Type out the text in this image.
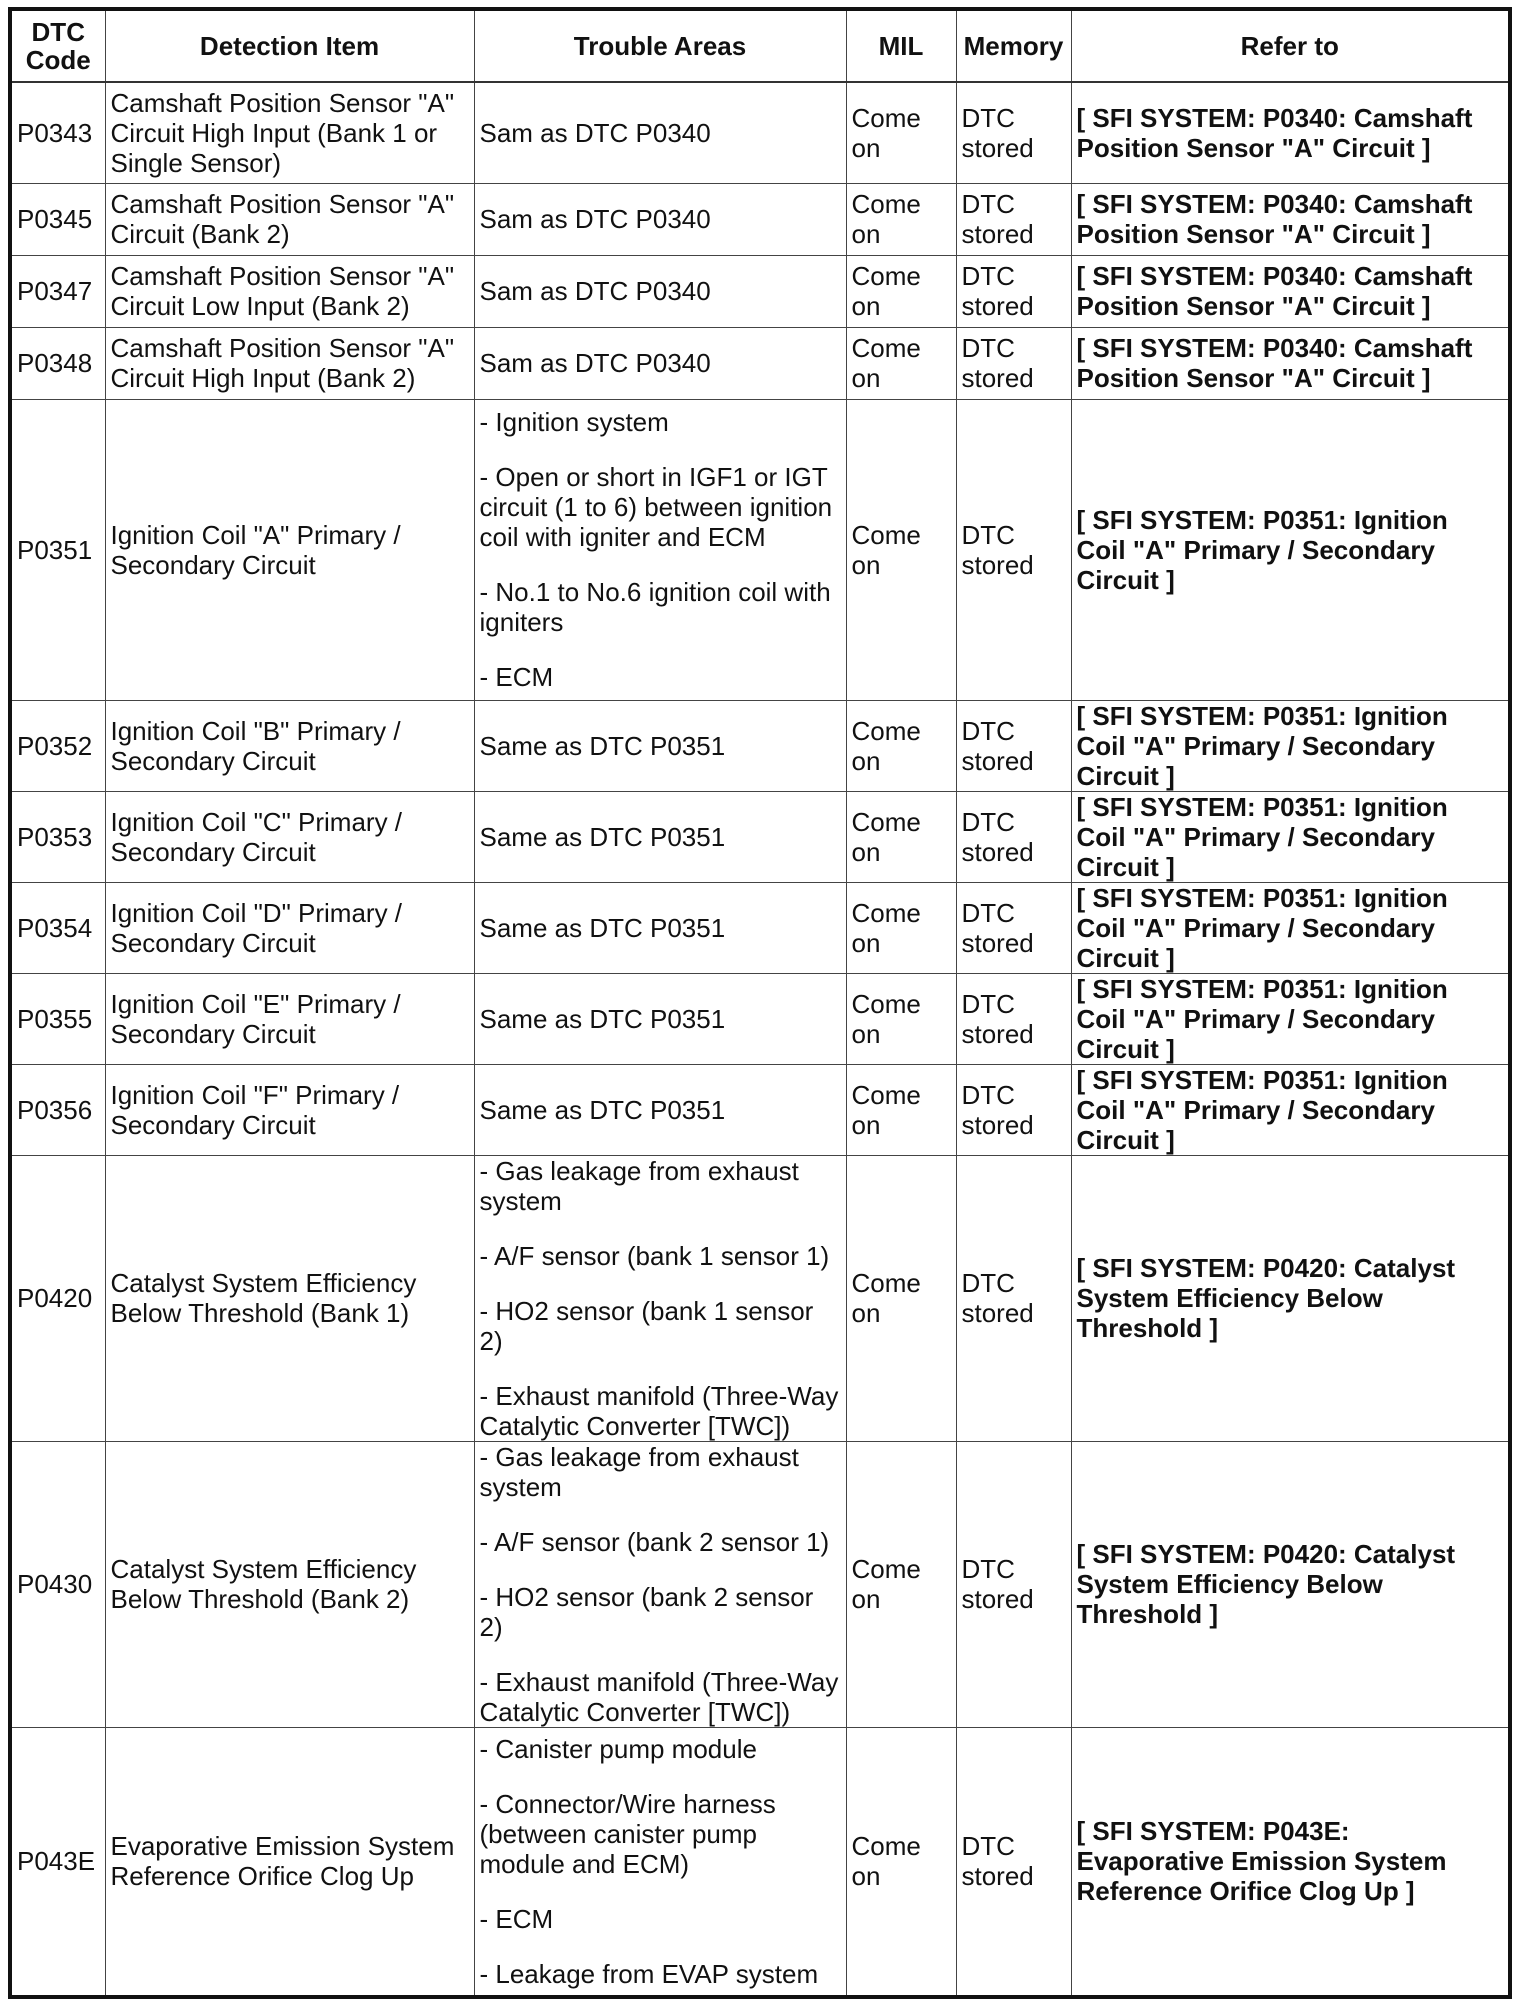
DTC Code	Detection Item	Trouble Areas	MIL	Memory	Refer to
P0343	Camshaft Position Sensor "A" Circuit High Input (Bank 1 or Single Sensor)	Sam as DTC P0340	Come on	DTC stored	[ SFI SYSTEM: P0340: Camshaft Position Sensor "A" Circuit ]
P0345	Camshaft Position Sensor "A" Circuit (Bank 2)	Sam as DTC P0340	Come on	DTC stored	[ SFI SYSTEM: P0340: Camshaft Position Sensor "A" Circuit ]
P0347	Camshaft Position Sensor "A" Circuit Low Input (Bank 2)	Sam as DTC P0340	Come on	DTC stored	[ SFI SYSTEM: P0340: Camshaft Position Sensor "A" Circuit ]
P0348	Camshaft Position Sensor "A" Circuit High Input (Bank 2)	Sam as DTC P0340	Come on	DTC stored	[ SFI SYSTEM: P0340: Camshaft Position Sensor "A" Circuit ]
P0351	Ignition Coil "A" Primary / Secondary Circuit	- Ignition system

- Open or short in IGF1 or IGT circuit (1 to 6) between ignition coil with igniter and ECM

- No.1 to No.6 ignition coil with igniters

- ECM	Come on	DTC stored	[ SFI SYSTEM: P0351: Ignition Coil "A" Primary / Secondary Circuit ]
P0352	Ignition Coil "B" Primary / Secondary Circuit	Same as DTC P0351	Come on	DTC stored	[ SFI SYSTEM: P0351: Ignition Coil "A" Primary / Secondary Circuit ]
P0353	Ignition Coil "C" Primary / Secondary Circuit	Same as DTC P0351	Come on	DTC stored	[ SFI SYSTEM: P0351: Ignition Coil "A" Primary / Secondary Circuit ]
P0354	Ignition Coil "D" Primary / Secondary Circuit	Same as DTC P0351	Come on	DTC stored	[ SFI SYSTEM: P0351: Ignition Coil "A" Primary / Secondary Circuit ]
P0355	Ignition Coil "E" Primary / Secondary Circuit	Same as DTC P0351	Come on	DTC stored	[ SFI SYSTEM: P0351: Ignition Coil "A" Primary / Secondary Circuit ]
P0356	Ignition Coil "F" Primary / Secondary Circuit	Same as DTC P0351	Come on	DTC stored	[ SFI SYSTEM: P0351: Ignition Coil "A" Primary / Secondary Circuit ]
P0420	Catalyst System Efficiency Below Threshold (Bank 1)	- Gas leakage from exhaust system

- A/F sensor (bank 1 sensor 1)

- HO2 sensor (bank 1 sensor 2)

- Exhaust manifold (Three-Way Catalytic Converter [TWC])	Come on	DTC stored	[ SFI SYSTEM: P0420: Catalyst System Efficiency Below Threshold ]
P0430	Catalyst System Efficiency Below Threshold (Bank 2)	- Gas leakage from exhaust system

- A/F sensor (bank 2 sensor 1)

- HO2 sensor (bank 2 sensor 2)

- Exhaust manifold (Three-Way Catalytic Converter [TWC])	Come on	DTC stored	[ SFI SYSTEM: P0420: Catalyst System Efficiency Below Threshold ]
P043E	Evaporative Emission System Reference Orifice Clog Up	- Canister pump module

- Connector/Wire harness (between canister pump module and ECM)

- ECM

- Leakage from EVAP system	Come on	DTC stored	[ SFI SYSTEM: P043E: Evaporative Emission System Reference Orifice Clog Up ]
